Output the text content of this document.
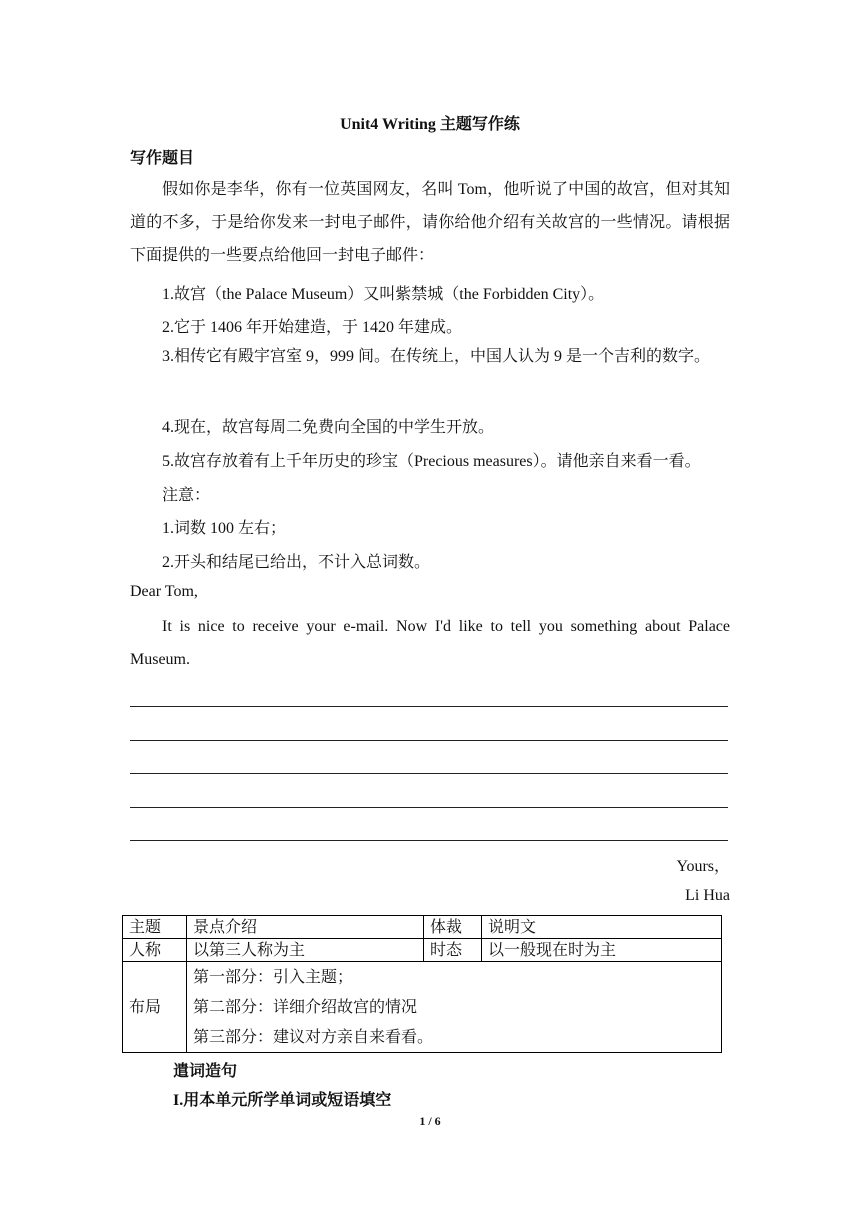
Unit4 Writing 主题写作练
写作题目
假如你是李华，你有一位英国网友，名叫 Tom，他听说了中国的故宫，但对其知道的不多，于是给你发来一封电子邮件，请你给他介绍有关故宫的一些情况。请根据下面提供的一些要点给他回一封电子邮件：
1.故宫（the Palace Museum）又叫紫禁城（the Forbidden City）。
2.它于 1406 年开始建造，于 1420 年建成。
3.相传它有殿宇宫室 9，999 间。在传统上，中国人认为 9 是一个吉利的数字。
4.现在，故宫每周二免费向全国的中学生开放。
5.故宫存放着有上千年历史的珍宝（Precious measures）。请他亲自来看一看。
注意：
1.词数 100 左右；
2.开头和结尾已给出，不计入总词数。
Dear Tom,
It is nice to receive your e-mail. Now I'd like to tell you something about Palace Museum.
Yours，
Li Hua
主题	景点介绍	体裁	说明文
人称	以第三人称为主	时态	以一般现在时为主
布局	第一部分：引入主题；
第二部分：详细介绍故宫的情况
第三部分：建议对方亲自来看看。		
遣词造句
I.用本单元所学单词或短语填空
1 / 6
